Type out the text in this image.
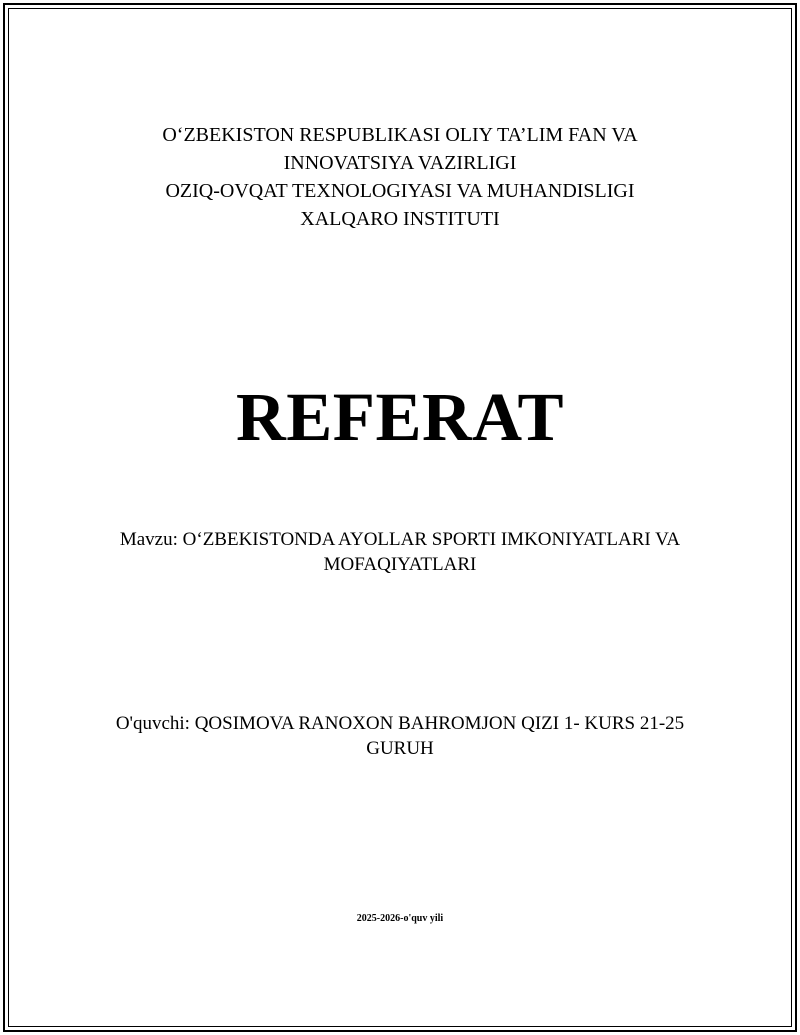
O‘ZBEKISTON RESPUBLIKASI OLIY TA’LIM FAN VA
INNOVATSIYA VAZIRLIGI
OZIQ-OVQAT TEXNOLOGIYASI VA MUHANDISLIGI
XALQARO INSTITUTI
REFERAT
Mavzu: O‘ZBEKISTONDA AYOLLAR SPORTI IMKONIYATLARI VA
MOFAQIYATLARI
O'quvchi: QOSIMOVA RANOXON BAHROMJON QIZI 1- KURS 21-25
GURUH
2025-2026-o'quv yili
